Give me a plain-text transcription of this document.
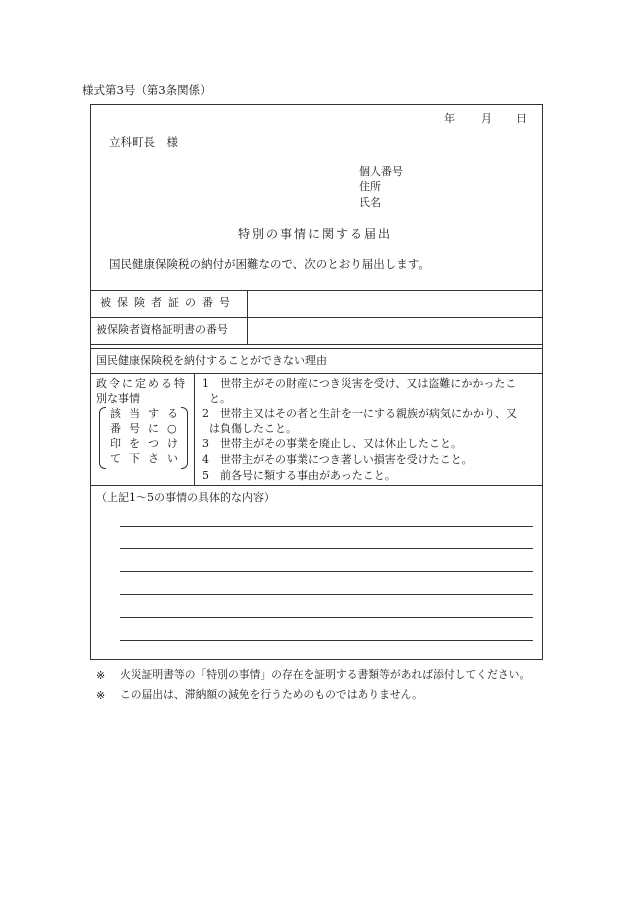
様式第3号（第3条関係）
年 月 日
立科町長　様
個人番号
住所
氏名
特別の事情に関する届出
国民健康保険税の納付が困難なので、次のとおり届出します。
被保険者証の番号
被保険者資格証明書の番号
国民健康保険税を納付することができない理由
政令に定める特
別な事情
該当する
番号に○
印をつけ
て下さい
1 世帯主がその財産につき災害を受け、又は盗難にかかったこ
と。
2 世帯主又はその者と生計を一にする親族が病気にかかり、又
は負傷したこと。
3 世帯主がその事業を廃止し、又は休止したこと。
4 世帯主がその事業につき著しい損害を受けたこと。
5 前各号に類する事由があったこと。
（上記1～5の事情の具体的な内容）
※ 火災証明書等の「特別の事情」の存在を証明する書類等があれば添付してください。
※ この届出は、滞納額の減免を行うためのものではありません。
